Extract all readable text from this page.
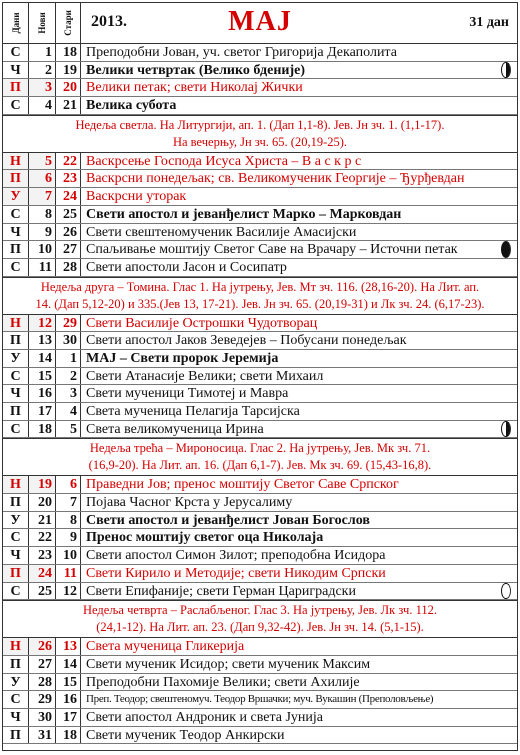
Дани Нови Стари	МАЈ
2013.	31 дан
С	1 18 Преподобни Јован, уч. светог Григорија Декаполита
Ч	2 19 Велики четвртак (Велико бденије)
П	3 20 Велики петак; свети Николај Жички
С	4 21 Велика субота
Недеља светла. На Литургији, ап. 1. (Дап 1,1-8). Јев. Јн зч. 1. (1,1-17).
На вечерњу, Јн зч. 65. (20,19-25).
Н	5 22 Васкрсење Господа Исуса Христа – В а с к р с
П	6 23 Васкрсни понедељак; св. Великомученик Георгије – Ђурђевдан
У	7 24 Васкрсни уторак
С	8 25 Свети апостол и јеванђелист Марко – Марковдан
Ч	9 26 Свети свештеномученик Василије Амасијски
П	10 27 Спаљивање моштију Светог Саве на Врачару – Источни петак
С	11 28 Свети апостоли Јасон и Сосипатр
Недеља друга – Томина. Глас 1. На јутрењу, Јев. Мт зч. 116. (28,16-20). На Лит. ап.
14. (Дап 5,12-20) и 335.(Јев 13, 17-21). Јев. Јн зч. 65. (20,19-31) и Лк зч. 24. (6,17-23).
Н	12 29 Свети Василије Острошки Чудотворац
П	13 30 Свети апостол Јаков Зеведејев – Побусани понедељак
У	14	1 МАЈ – Свети пророк Јеремија
С	15	2 Свети Атанасије Велики; свети Михаил
Ч	16	3 Свети мученици Тимотеј и Мавра
П	17	4 Света мученица Пелагија Тарсијска
С	18	5 Света великомученица Ирина
Недеља трећа – Мироносица. Глас 2. На јутрењу, Јев. Мк зч. 71.
(16,9-20). На Лит. ап. 16. (Дап 6,1-7). Јев. Мк зч. 69. (15,43-16,8).
Н	19	6 Праведни Јов; пренос моштију Светог Саве Српског
П	20	7 Појава Часног Крста у Јерусалиму
У	21	8 Свети апостол и јеванђелист Јован Богослов
С	22	9 Пренос моштију светог оца Николаја
Ч	23 10 Свети апостол Симон Зилот; преподобна Исидора
П	24 11 Свети Кирило и Методије; свети Никодим Српски
С	25 12 Свети Епифаније; свети Герман Цариградски
Недеља четврта – Раслабљеног. Глас 3. На јутрењу, Јев. Лк зч. 112.
(24,1-12). На Лит. ап. 23. (Дап 9,32-42). Јев. Јн зч. 14. (5,1-15).
Н	26 13 Света мученица Гликерија
П	27 14 Свети мученик Исидор; свети мученик Максим
У	28 15 Преподобни Пахомије Велики; свети Ахилије
С	29 16 Преп. Теодор; свештеномуч. Теодор Вршачки; муч. Вукашин (Преполовљење)
Ч	30 17 Свети апостол Андроник и света Јунија
П	31 18 Свети мученик Теодор Анкирски
